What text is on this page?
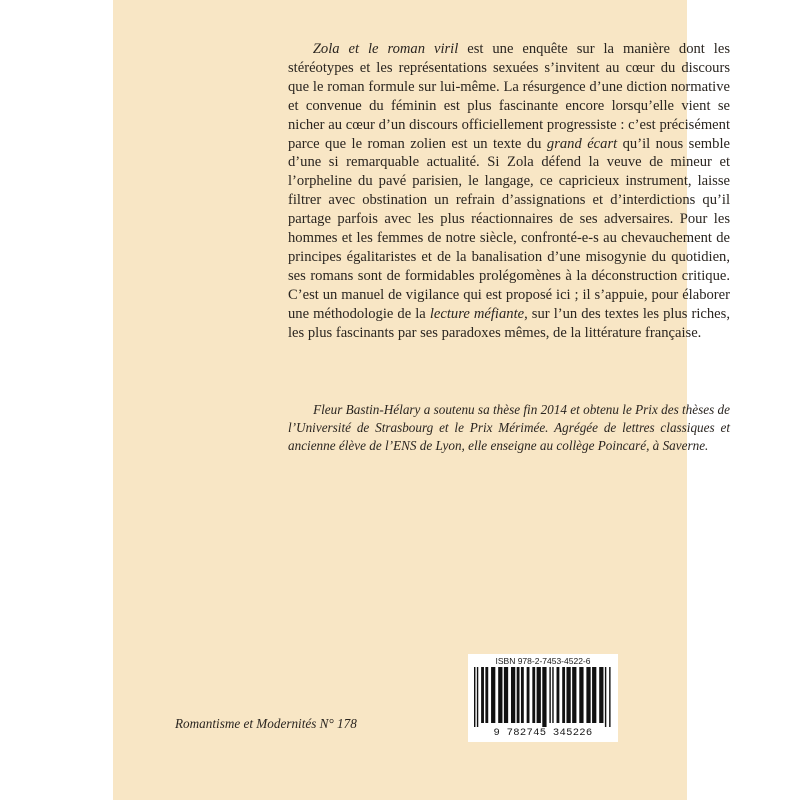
Zola et le roman viril est une enquête sur la manière dont les stéréotypes et les représentations sexuées s’invitent au cœur du discours que le roman formule sur lui-même. La résurgence d’une diction normative et convenue du féminin est plus fascinante encore lorsqu’elle vient se nicher au cœur d’un discours officiellement progressiste : c’est précisément parce que le roman zolien est un texte du grand écart qu’il nous semble d’une si remarquable actualité. Si Zola défend la veuve de mineur et l’orpheline du pavé parisien, le langage, ce capricieux instrument, laisse filtrer avec obstination un refrain d’assignations et d’interdictions qu’il partage parfois avec les plus réactionnaires de ses adversaires. Pour les hommes et les femmes de notre siècle, confronté-e-s au chevauchement de principes égalitaristes et de la banalisation d’une misogynie du quotidien, ses romans sont de formidables prolégomènes à la déconstruction critique. C’est un manuel de vigilance qui est proposé ici ; il s’appuie, pour élaborer une méthodologie de la lecture méfiante, sur l’un des textes les plus riches, les plus fascinants par ses paradoxes mêmes, de la littérature française.

Fleur Bastin-Hélary a soutenu sa thèse fin 2014 et obtenu le Prix des thèses de l’Université de Strasbourg et le Prix Mérimée. Agrégée de lettres classiques et ancienne élève de l’ENS de Lyon, elle enseigne au collège Poincaré, à Saverne.

Romantisme et Modernités N° 178

ISBN 978-2-7453-4522-6
9 782745 345226
